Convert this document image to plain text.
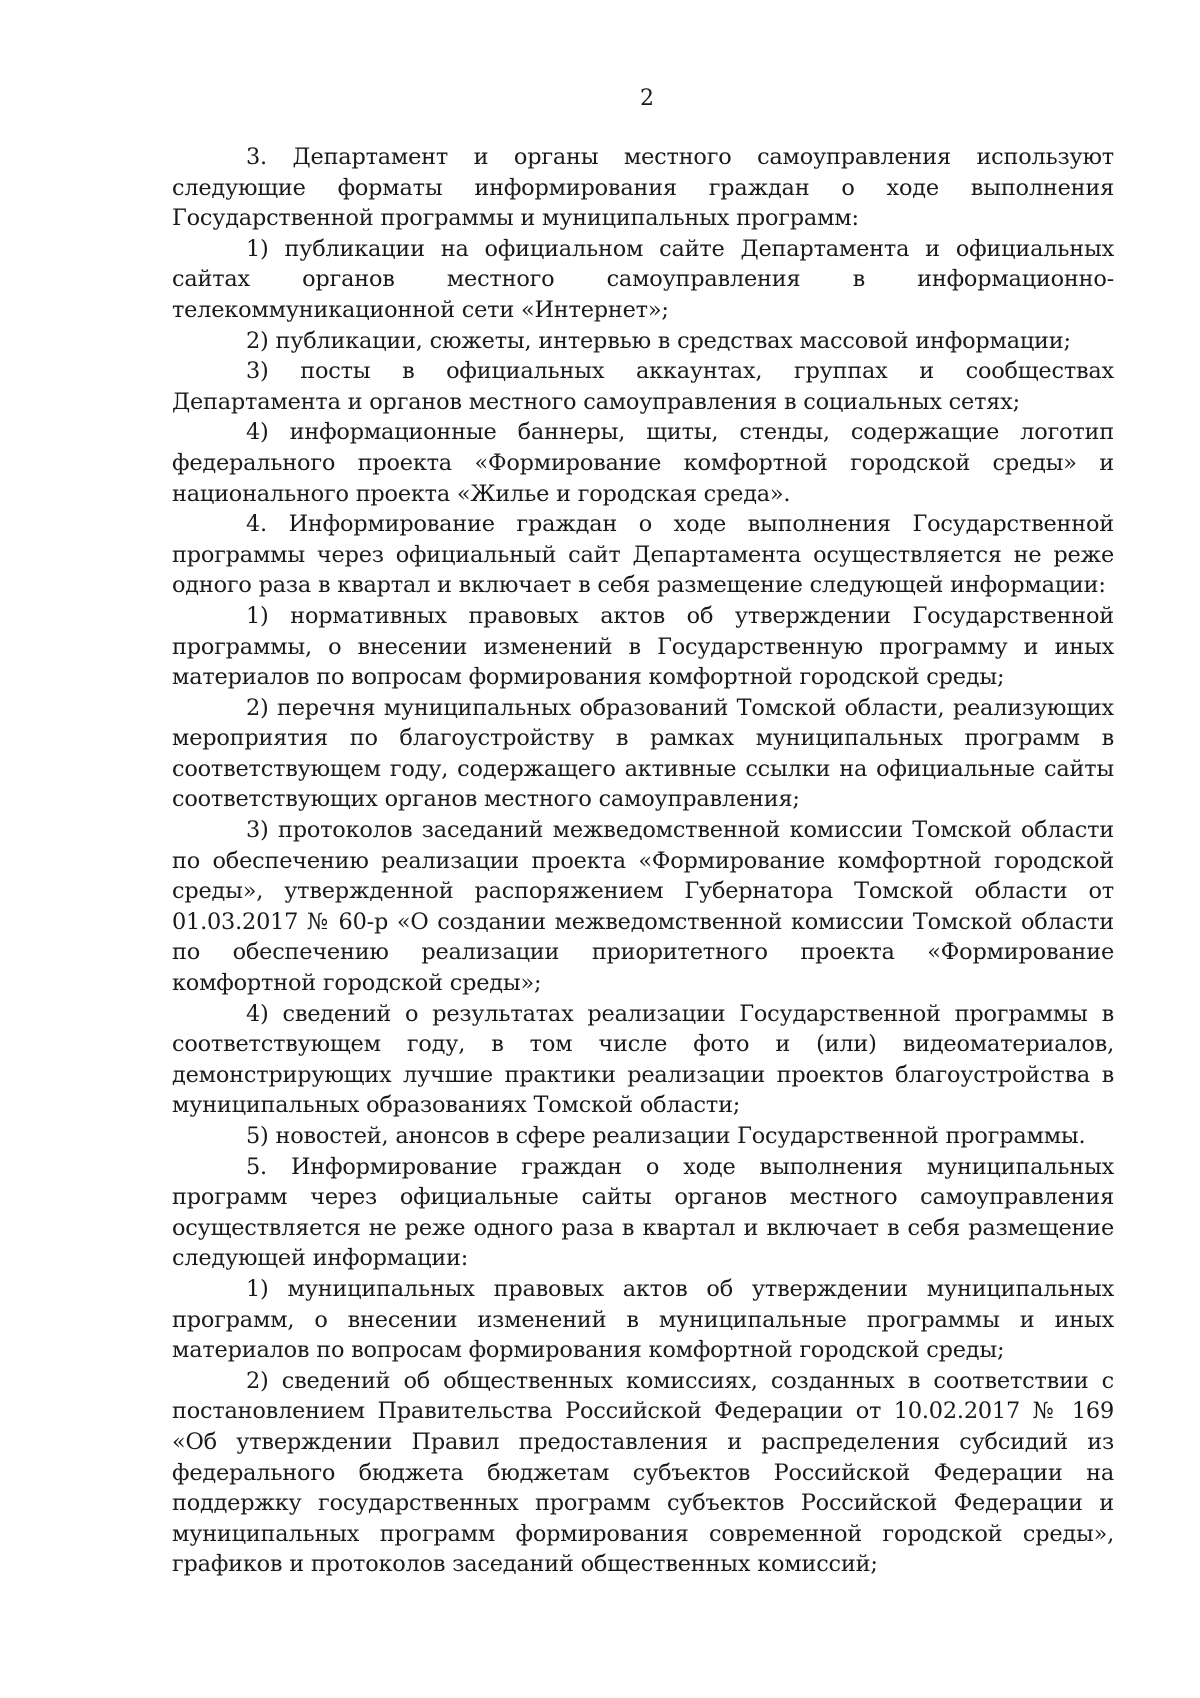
2

3. Департамент и органы местного самоуправления используют следующие форматы информирования граждан о ходе выполнения Государственной программы и муниципальных программ:

1) публикации на официальном сайте Департамента и официальных сайтах органов местного самоуправления в информационно-телекоммуникационной сети «Интернет»;

2) публикации, сюжеты, интервью в средствах массовой информации;

3) посты в официальных аккаунтах, группах и сообществах Департамента и органов местного самоуправления в социальных сетях;

4) информационные баннеры, щиты, стенды, содержащие логотип федерального проекта «Формирование комфортной городской среды» и национального проекта «Жилье и городская среда».

4. Информирование граждан о ходе выполнения Государственной программы через официальный сайт Департамента осуществляется не реже одного раза в квартал и включает в себя размещение следующей информации:

1) нормативных правовых актов об утверждении Государственной программы, о внесении изменений в Государственную программу и иных материалов по вопросам формирования комфортной городской среды;

2) перечня муниципальных образований Томской области, реализующих мероприятия по благоустройству в рамках муниципальных программ в соответствующем году, содержащего активные ссылки на официальные сайты соответствующих органов местного самоуправления;

3) протоколов заседаний межведомственной комиссии Томской области по обеспечению реализации проекта «Формирование комфортной городской среды», утвержденной распоряжением Губернатора Томской области от 01.03.2017 № 60-р «О создании межведомственной комиссии Томской области по обеспечению реализации приоритетного проекта «Формирование комфортной городской среды»;

4) сведений о результатах реализации Государственной программы в соответствующем году, в том числе фото и (или) видеоматериалов, демонстрирующих лучшие практики реализации проектов благоустройства в муниципальных образованиях Томской области;

5) новостей, анонсов в сфере реализации Государственной программы.

5. Информирование граждан о ходе выполнения муниципальных программ через официальные сайты органов местного самоуправления осуществляется не реже одного раза в квартал и включает в себя размещение следующей информации:

1) муниципальных правовых актов об утверждении муниципальных программ, о внесении изменений в муниципальные программы и иных материалов по вопросам формирования комфортной городской среды;

2) сведений об общественных комиссиях, созданных в соответствии с постановлением Правительства Российской Федерации от 10.02.2017 № 169 «Об утверждении Правил предоставления и распределения субсидий из федерального бюджета бюджетам субъектов Российской Федерации на поддержку государственных программ субъектов Российской Федерации и муниципальных программ формирования современной городской среды», графиков и протоколов заседаний общественных комиссий;
